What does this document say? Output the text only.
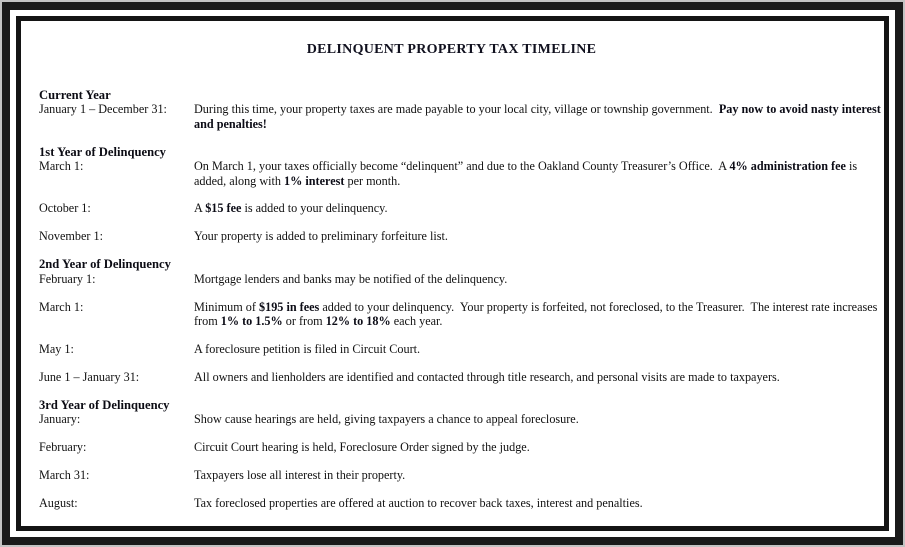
DELINQUENT PROPERTY TAX TIMELINE
Current Year
January 1 – December 31:	During this time, your property taxes are made payable to your local city, village or township government.  Pay now to avoid nasty interest and penalties!
1st Year of Delinquency
March 1:	On March 1, your taxes officially become “delinquent” and due to the Oakland County Treasurer’s Office.  A 4% administration fee is added, along with 1% interest per month.
October 1:	A $15 fee is added to your delinquency.
November 1:	Your property is added to preliminary forfeiture list.
2nd Year of Delinquency
February 1:	Mortgage lenders and banks may be notified of the delinquency.
March 1:	Minimum of $195 in fees added to your delinquency.  Your property is forfeited, not foreclosed, to the Treasurer.  The interest rate increases from 1% to 1.5% or from 12% to 18% each year.
May 1:	A foreclosure petition is filed in Circuit Court.
June 1 – January 31:	All owners and lienholders are identified and contacted through title research, and personal visits are made to taxpayers.
3rd Year of Delinquency
January:	Show cause hearings are held, giving taxpayers a chance to appeal foreclosure.
February:	Circuit Court hearing is held, Foreclosure Order signed by the judge.
March 31:	Taxpayers lose all interest in their property.
August:	Tax foreclosed properties are offered at auction to recover back taxes, interest and penalties.
